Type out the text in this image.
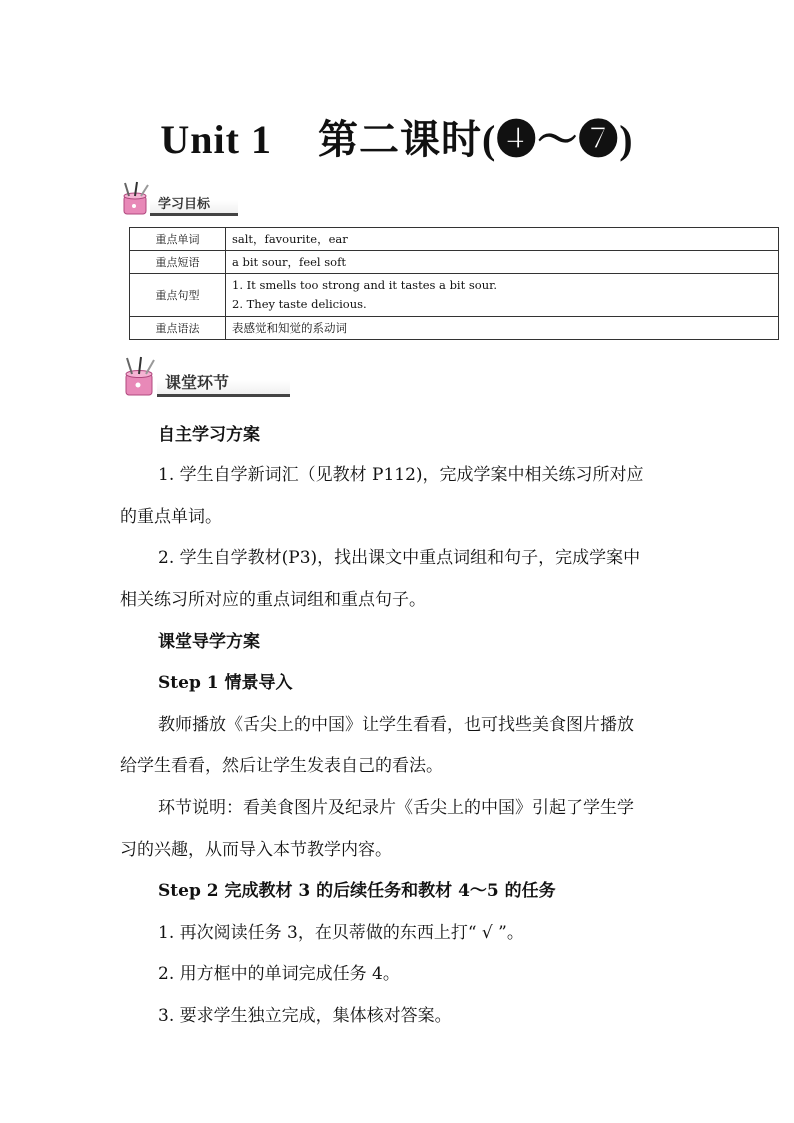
Unit 1 第二课时(❹～❼)
学习目标
重点单词	salt，favourite，ear
重点短语	a bit sour，feel soft
重点句型	1. It smells too strong and it tastes a bit sour.
2. They taste delicious.

重点语法	表感觉和知觉的系动词
课堂环节
自主学习方案
1. 学生自学新词汇（见教材 P112)，完成学案中相关练习所对应
的重点单词。
2. 学生自学教材(P3)，找出课文中重点词组和句子，完成学案中
相关练习所对应的重点词组和重点句子。
课堂导学方案
Step 1 情景导入
教师播放《舌尖上的中国》让学生看看，也可找些美食图片播放
给学生看看，然后让学生发表自己的看法。
环节说明：看美食图片及纪录片《舌尖上的中国》引起了学生学
习的兴趣，从而导入本节教学内容。
Step 2 完成教材 3 的后续任务和教材 4～5 的任务
1. 再次阅读任务 3，在贝蒂做的东西上打“ √ ”。
2. 用方框中的单词完成任务 4。
3. 要求学生独立完成，集体核对答案。
